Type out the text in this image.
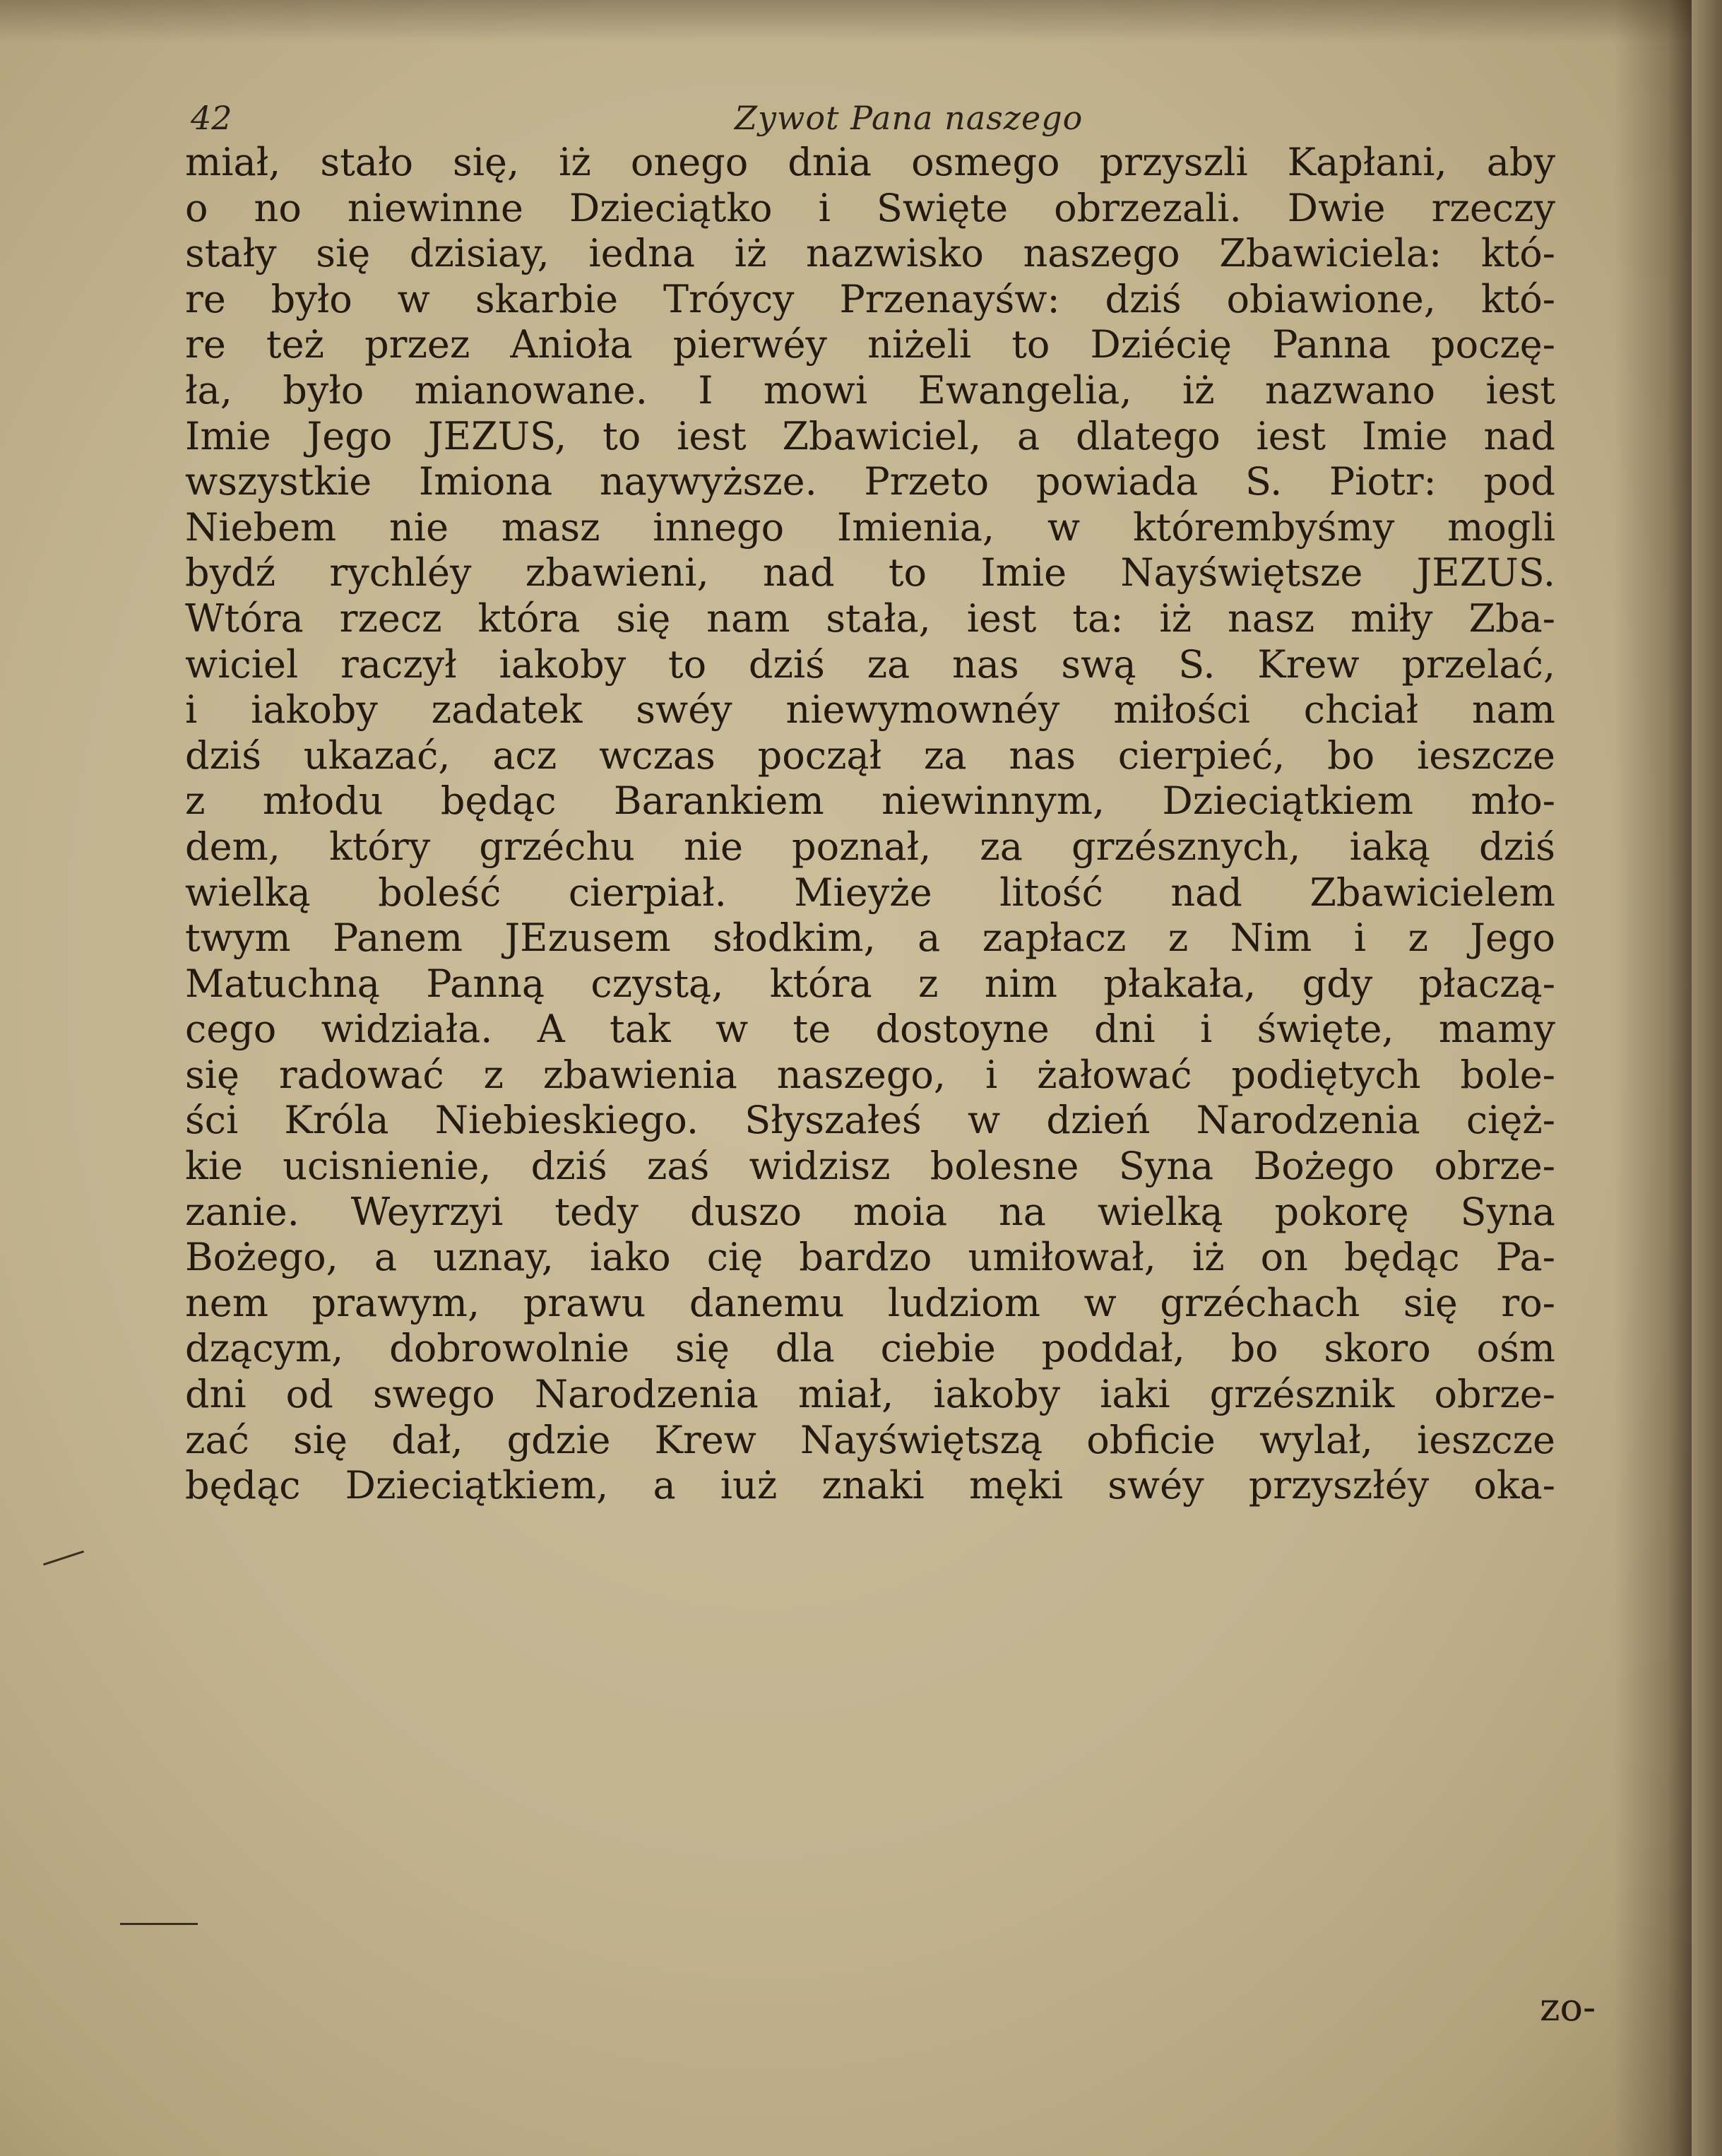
42	Zywot Pana naszego
miał, stało się, iż onego dnia osmego przyszli Kapłani, aby
o no niewinne Dzieciątko i Swięte obrzezali. Dwie rzeczy
stały się dzisiay, iedna iż nazwisko naszego Zbawiciela: któ-
re było w skarbie Tróycy Przenayśw: dziś obiawione, któ-
re też przez Anioła pierwéy niżeli to Dziécię Panna poczę-
ła, było mianowane. I mowi Ewangelia, iż nazwano iest
Imie Jego JEZUS, to iest Zbawiciel, a dlatego iest Imie nad
wszystkie Imiona naywyższe. Przeto powiada S. Piotr: pod
Niebem nie masz innego Imienia, w którembyśmy mogli
bydź rychléy zbawieni, nad to Imie Nayświętsze JEZUS.
Wtóra rzecz która się nam stała, iest ta: iż nasz miły Zba-
wiciel raczył iakoby to dziś za nas swą S. Krew przelać,
i iakoby zadatek swéy niewymownéy miłości chciał nam
dziś ukazać, acz wczas począł za nas cierpieć, bo ieszcze
z młodu będąc Barankiem niewinnym, Dzieciątkiem mło-
dem, który grzéchu nie poznał, za grzésznych, iaką dziś
wielką boleść cierpiał. Mieyże litość nad Zbawicielem
twym Panem JEzusem słodkim, a zapłacz z Nim i z Jego
Matuchną Panną czystą, która z nim płakała, gdy płaczą-
cego widziała. A tak w te dostoyne dni i święte, mamy
się radować z zbawienia naszego, i żałować podiętych bole-
ści Króla Niebieskiego. Słyszałeś w dzień Narodzenia cięż-
kie ucisnienie, dziś zaś widzisz bolesne Syna Bożego obrze-
zanie. Weyrzyi tedy duszo moia na wielką pokorę Syna
Bożego, a uznay, iako cię bardzo umiłował, iż on będąc Pa-
nem prawym, prawu danemu ludziom w grzéchach się ro-
dzącym, dobrowolnie się dla ciebie poddał, bo skoro ośm
dni od swego Narodzenia miał, iakoby iaki grzésznik obrze-
zać się dał, gdzie Krew Nayświętszą obficie wylał, ieszcze
będąc Dzieciątkiem, a iuż znaki męki swéy przyszłéy oka-
zo-
